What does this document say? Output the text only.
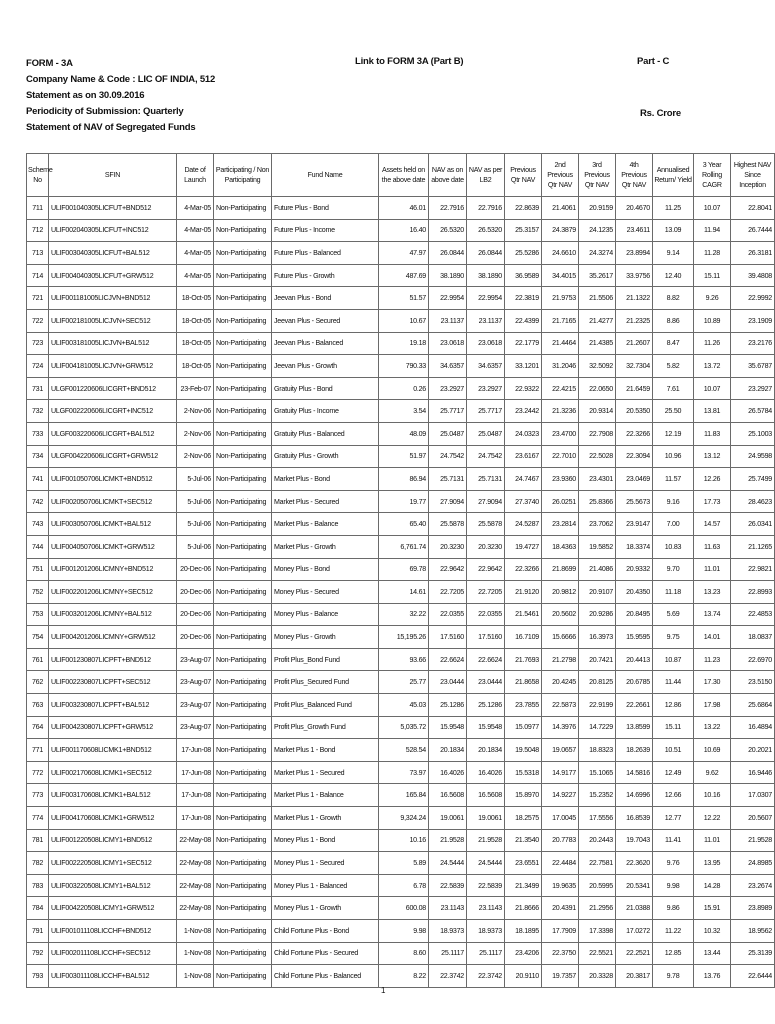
FORM - 3A
Company Name & Code : LIC OF INDIA, 512
Statement as on 30.09.2016
Periodicity of Submission: Quarterly
Statement of NAV of Segregated Funds
Link to FORM 3A (Part B)	Part - C
Rs. Crore
Scheme No	SFIN	Date of Launch	Participating / Non Participating	Fund Name	Assets held on the above date	NAV as on above date	NAV as per LB2	Previous Qtr NAV	2nd Previous Qtr NAV	3rd Previous Qtr NAV	4th Previous Qtr NAV	Annualised Return/ Yield	3 Year Rolling CAGR	Highest NAV Since Inception
711	ULIF001040305LICFUT+BND512	4-Mar-05	Non-Participating	Future Plus - Bond	46.01	22.7916	22.7916	22.8639	21.4061	20.9159	20.4670	11.25	10.07	22.8041
712	ULIF002040305LICFUT+INC512	4-Mar-05	Non-Participating	Future Plus - Income	16.40	26.5320	26.5320	25.3157	24.3879	24.1235	23.4611	13.09	11.94	26.7444
713	ULIF003040305LICFUT+BAL512	4-Mar-05	Non-Participating	Future Plus - Balanced	47.97	26.0844	26.0844	25.5286	24.6610	24.3274	23.8994	9.14	11.28	26.3181
714	ULIF004040305LICFUT+GRW512	4-Mar-05	Non-Participating	Future Plus - Growth	487.69	38.1890	38.1890	36.9589	34.4015	35.2617	33.9756	12.40	15.11	39.4808
721	ULIF001181005LICJVN+BND512	18-Oct-05	Non-Participating	Jeevan Plus - Bond	51.57	22.9954	22.9954	22.3819	21.9753	21.5506	21.1322	8.82	9.26	22.9992
722	ULIF002181005LICJVN+SEC512	18-Oct-05	Non-Participating	Jeevan Plus - Secured	10.67	23.1137	23.1137	22.4399	21.7165	21.4277	21.2325	8.86	10.89	23.1909
723	ULIF003181005LICJVN+BAL512	18-Oct-05	Non-Participating	Jeevan Plus - Balanced	19.18	23.0618	23.0618	22.1779	21.4464	21.4385	21.2607	8.47	11.26	23.2176
724	ULIF004181005LICJVN+GRW512	18-Oct-05	Non-Participating	Jeevan Plus - Growth	790.33	34.6357	34.6357	33.1201	31.2046	32.5092	32.7304	5.82	13.72	35.6787
731	ULGF001220606LICGRT+BND512	23-Feb-07	Non-Participating	Gratuity Plus - Bond	0.26	23.2927	23.2927	22.9322	22.4215	22.0650	21.6459	7.61	10.07	23.2927
732	ULGF002220606LICGRT+INC512	2-Nov-06	Non-Participating	Gratuity Plus - Income	3.54	25.7717	25.7717	23.2442	21.3236	20.9314	20.5350	25.50	13.81	26.5784
733	ULGF003220606LICGRT+BAL512	2-Nov-06	Non-Participating	Gratuity Plus - Balanced	48.09	25.0487	25.0487	24.0323	23.4700	22.7908	22.3266	12.19	11.83	25.1003
734	ULGF004220606LICGRT+GRW512	2-Nov-06	Non-Participating	Gratuity Plus - Growth	51.97	24.7542	24.7542	23.6167	22.7010	22.5028	22.3094	10.96	13.12	24.9598
741	ULIF001050706LICMKT+BND512	5-Jul-06	Non-Participating	Market Plus - Bond	86.94	25.7131	25.7131	24.7467	23.9360	23.4301	23.0469	11.57	12.26	25.7499
742	ULIF002050706LICMKT+SEC512	5-Jul-06	Non-Participating	Market Plus - Secured	19.77	27.9094	27.9094	27.3740	26.0251	25.8366	25.5673	9.16	17.73	28.4623
743	ULIF003050706LICMKT+BAL512	5-Jul-06	Non-Participating	Market Plus - Balance	65.40	25.5878	25.5878	24.5287	23.2814	23.7062	23.9147	7.00	14.57	26.0341
744	ULIF004050706LICMKT+GRW512	5-Jul-06	Non-Participating	Market Plus - Growth	6,761.74	20.3230	20.3230	19.4727	18.4363	19.5852	18.3374	10.83	11.63	21.1265
751	ULIF001201206LICMNY+BND512	20-Dec-06	Non-Participating	Money Plus - Bond	69.78	22.9642	22.9642	22.3266	21.8699	21.4086	20.9332	9.70	11.01	22.9821
752	ULIF002201206LICMNY+SEC512	20-Dec-06	Non-Participating	Money Plus - Secured	14.61	22.7205	22.7205	21.9120	20.9812	20.9107	20.4350	11.18	13.23	22.8993
753	ULIF003201206LICMNY+BAL512	20-Dec-06	Non-Participating	Money Plus - Balance	32.22	22.0355	22.0355	21.5461	20.5602	20.9286	20.8495	5.69	13.74	22.4853
754	ULIF004201206LICMNY+GRW512	20-Dec-06	Non-Participating	Money Plus - Growth	15,195.26	17.5160	17.5160	16.7109	15.6666	16.3973	15.9595	9.75	14.01	18.0837
761	ULIF001230807LICPFT+BND512	23-Aug-07	Non-Participating	Profit Plus_Bond Fund	93.66	22.6624	22.6624	21.7693	21.2798	20.7421	20.4413	10.87	11.23	22.6970
762	ULIF002230807LICPFT+SEC512	23-Aug-07	Non-Participating	Profit Plus_Secured Fund	25.77	23.0444	23.0444	21.8658	20.4245	20.8125	20.6785	11.44	17.30	23.5150
763	ULIF003230807LICPFT+BAL512	23-Aug-07	Non-Participating	Profit Plus_Balanced Fund	45.03	25.1286	25.1286	23.7855	22.5873	22.9199	22.2661	12.86	17.98	25.6864
764	ULIF004230807LICPFT+GRW512	23-Aug-07	Non-Participating	Profit Plus_Growth Fund	5,035.72	15.9548	15.9548	15.0977	14.3976	14.7229	13.8599	15.11	13.22	16.4894
771	ULIF001170608LICMK1+BND512	17-Jun-08	Non-Participating	Market Plus 1 - Bond	528.54	20.1834	20.1834	19.5048	19.0657	18.8323	18.2639	10.51	10.69	20.2021
772	ULIF002170608LICMK1+SEC512	17-Jun-08	Non-Participating	Market Plus 1 - Secured	73.97	16.4026	16.4026	15.5318	14.9177	15.1065	14.5816	12.49	9.62	16.9446
773	ULIF003170608LICMK1+BAL512	17-Jun-08	Non-Participating	Market Plus 1 - Balance	165.84	16.5608	16.5608	15.8970	14.9227	15.2352	14.6996	12.66	10.16	17.0307
774	ULIF004170608LICMK1+GRW512	17-Jun-08	Non-Participating	Market Plus 1 - Growth	9,324.24	19.0061	19.0061	18.2575	17.0045	17.5556	16.8539	12.77	12.22	20.5607
781	ULIF001220508LICMY1+BND512	22-May-08	Non-Participating	Money Plus 1 - Bond	10.16	21.9528	21.9528	21.3540	20.7783	20.2443	19.7043	11.41	11.01	21.9528
782	ULIF002220508LICMY1+SEC512	22-May-08	Non-Participating	Money Plus 1 - Secured	5.89	24.5444	24.5444	23.6551	22.4484	22.7581	22.3620	9.76	13.95	24.8985
783	ULIF003220508LICMY1+BAL512	22-May-08	Non-Participating	Money Plus 1 - Balanced	6.78	22.5839	22.5839	21.3499	19.9635	20.5995	20.5341	9.98	14.28	23.2674
784	ULIF004220508LICMY1+GRW512	22-May-08	Non-Participating	Money Plus 1 - Growth	600.08	23.1143	23.1143	21.8666	20.4391	21.2956	21.0388	9.86	15.91	23.8989
791	ULIF001011108LICCHF+BND512	1-Nov-08	Non-Participating	Child Fortune Plus - Bond	9.98	18.9373	18.9373	18.1895	17.7909	17.3398	17.0272	11.22	10.32	18.9562
792	ULIF002011108LICCHF+SEC512	1-Nov-08	Non-Participating	Child Fortune Plus - Secured	8.60	25.1117	25.1117	23.4206	22.3750	22.5521	22.2521	12.85	13.44	25.3139
793	ULIF003011108LICCHF+BAL512	1-Nov-08	Non-Participating	Child Fortune Plus - Balanced	8.22	22.3742	22.3742	20.9110	19.7357	20.3328	20.3817	9.78	13.76	22.6444
1
